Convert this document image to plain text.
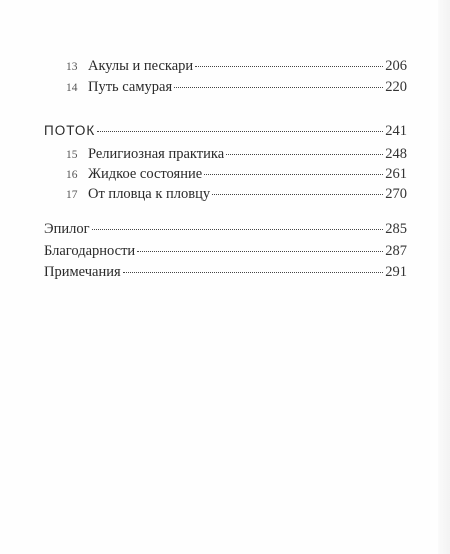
13 Акулы и пескари	206
14 Путь самурая	220
ПОТОК	241
15 Религиозная практика	248
16 Жидкое состояние	261
17 От пловца к пловцу	270
Эпилог	285
Благодарности	287
Примечания	291
